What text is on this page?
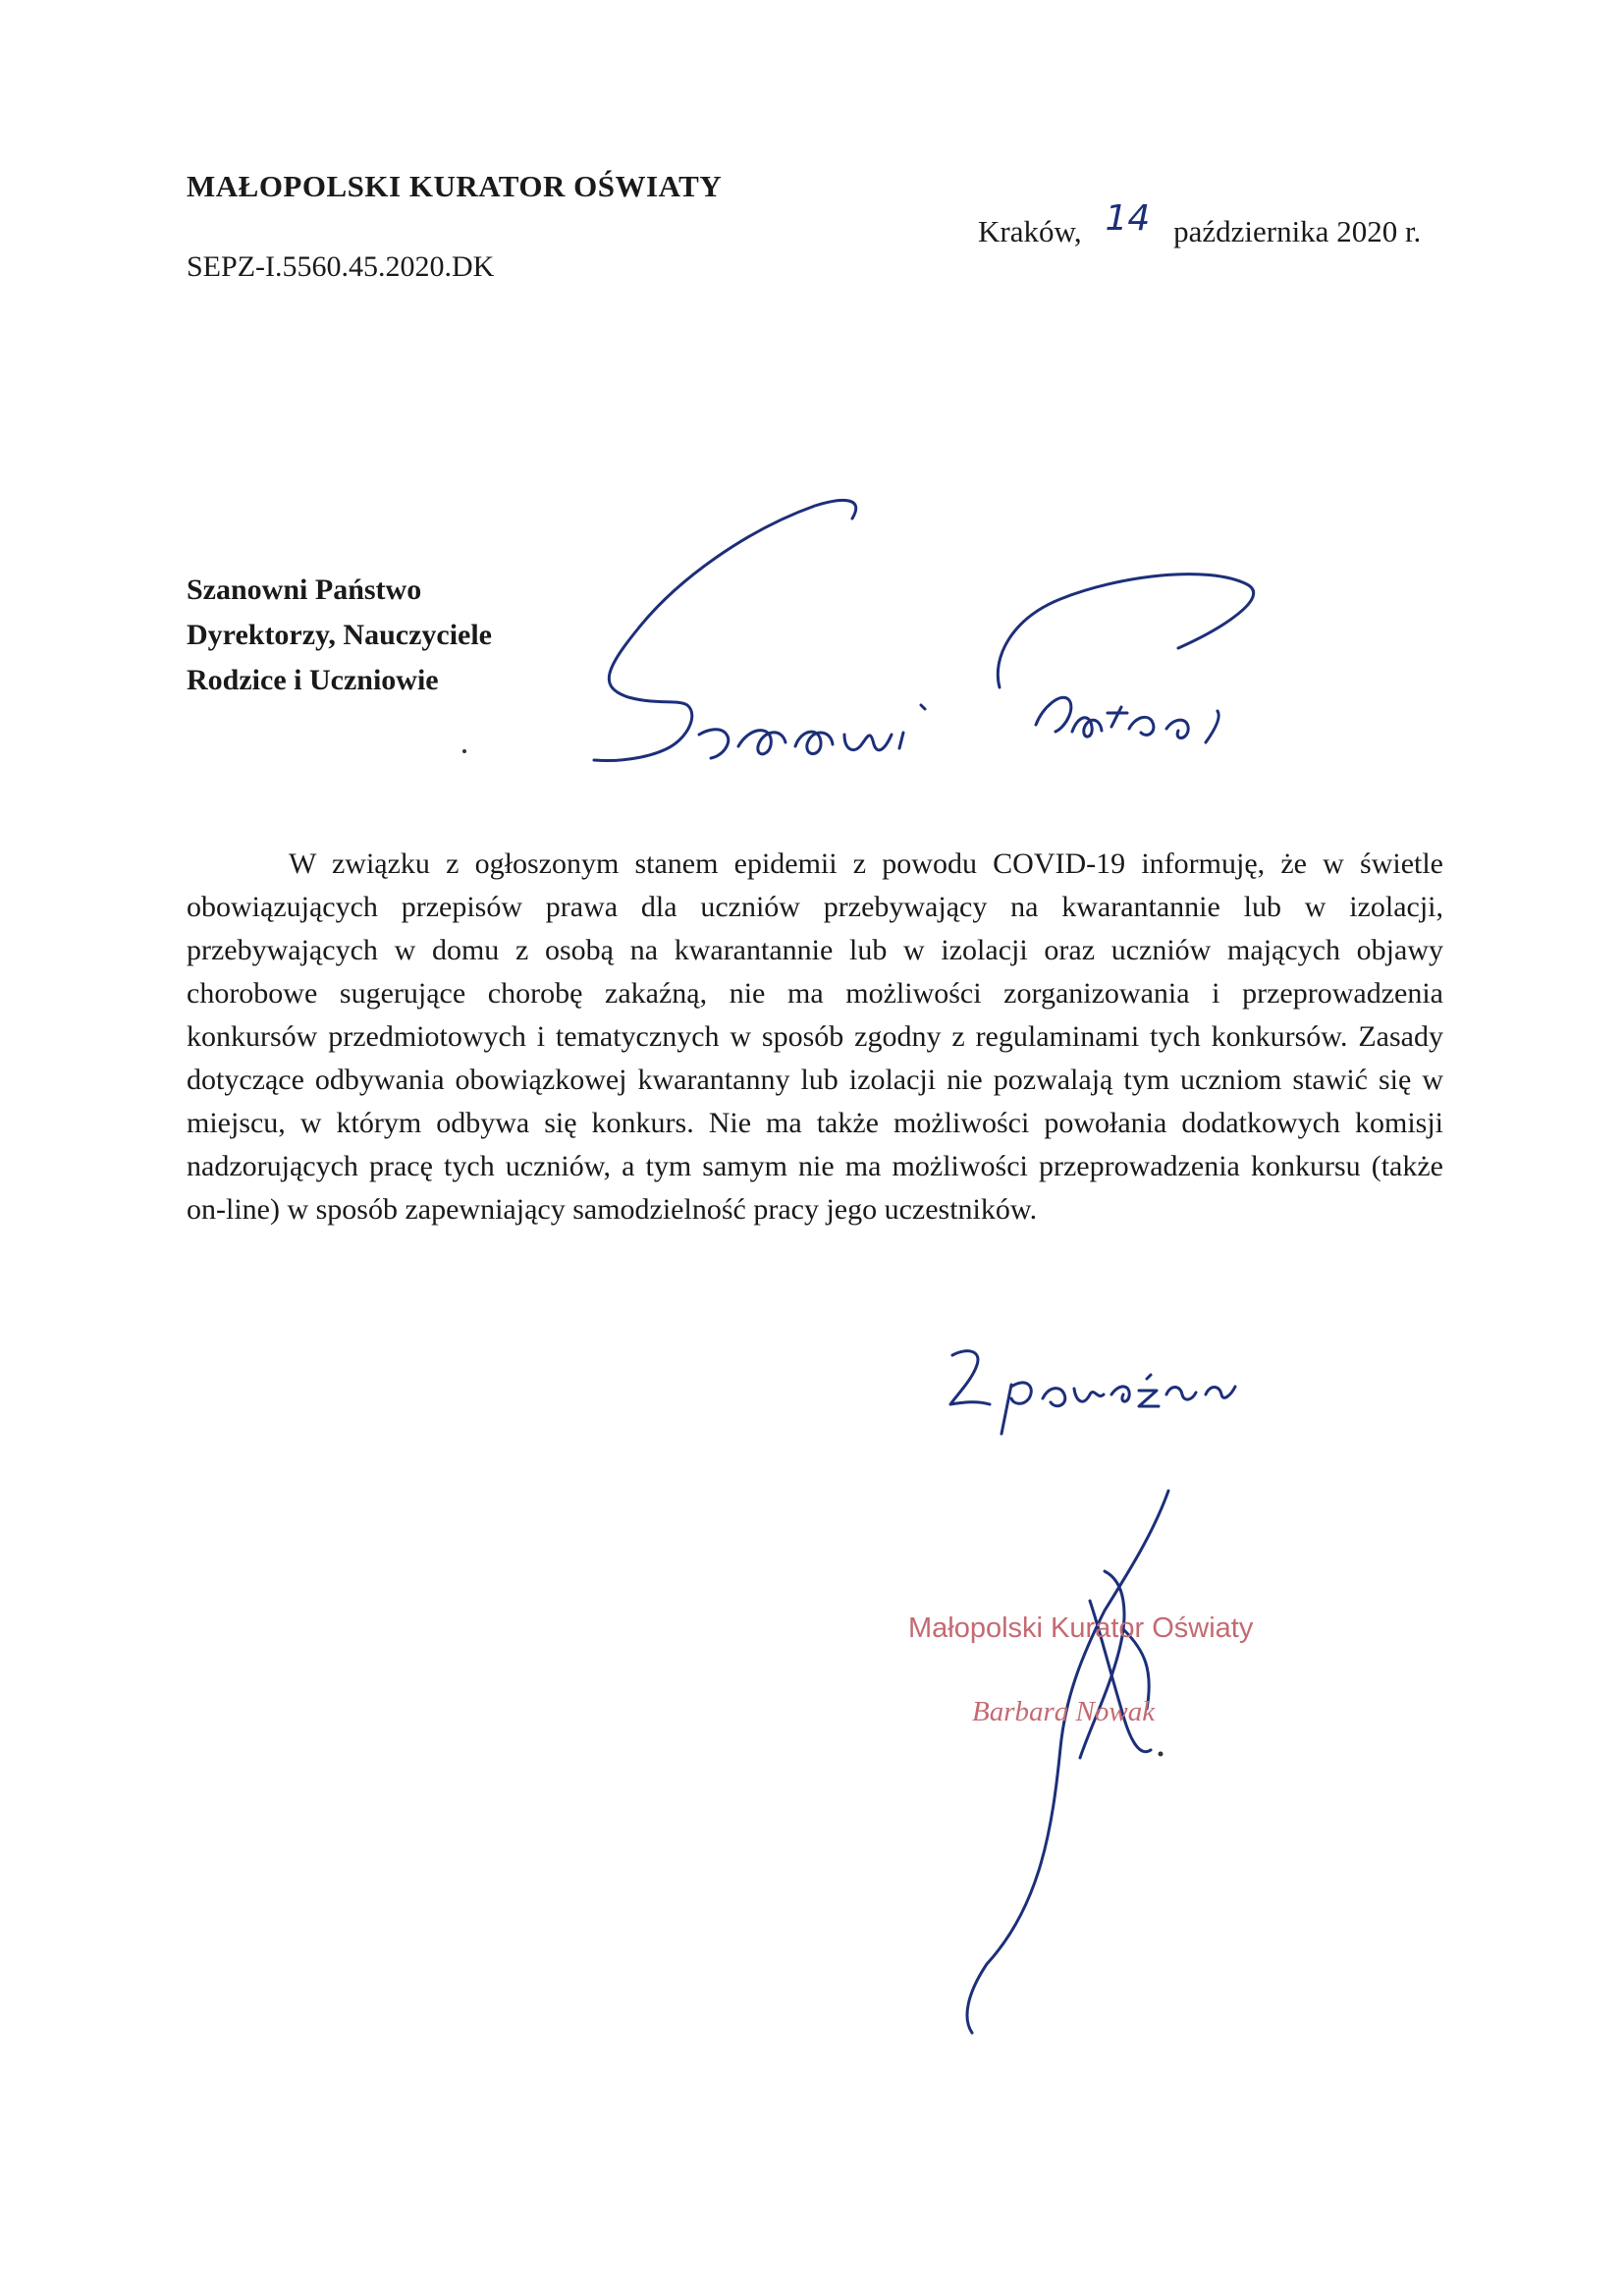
MAŁOPOLSKI KURATOR OŚWIATY
SEPZ-I.5560.45.2020.DK
Kraków, 14 października 2020 r.
Szanowni Państwo
Dyrektorzy, Nauczyciele
Rodzice i Uczniowie
W związku z ogłoszonym stanem epidemii z powodu COVID-19 informuję, że w świetle obowiązujących przepisów prawa dla uczniów przebywający na kwarantannie lub w izolacji, przebywających w domu z osobą na kwarantannie lub w izolacji oraz uczniów mających objawy chorobowe sugerujące chorobę zakaźną, nie ma możliwości zorganizowania i przeprowadzenia konkursów przedmiotowych i tematycznych w sposób zgodny z regulaminami tych konkursów. Zasady dotyczące odbywania obowiązkowej kwarantanny lub izolacji nie pozwalają tym uczniom stawić się w miejscu, w którym odbywa się konkurs. Nie ma także możliwości powołania dodatkowych komisji nadzorujących pracę tych uczniów, a tym samym nie ma możliwości przeprowadzenia konkursu (także on-line) w sposób zapewniający samodzielność pracy jego uczestników.
Małopolski Kurator Oświaty
Barbara Nowak
